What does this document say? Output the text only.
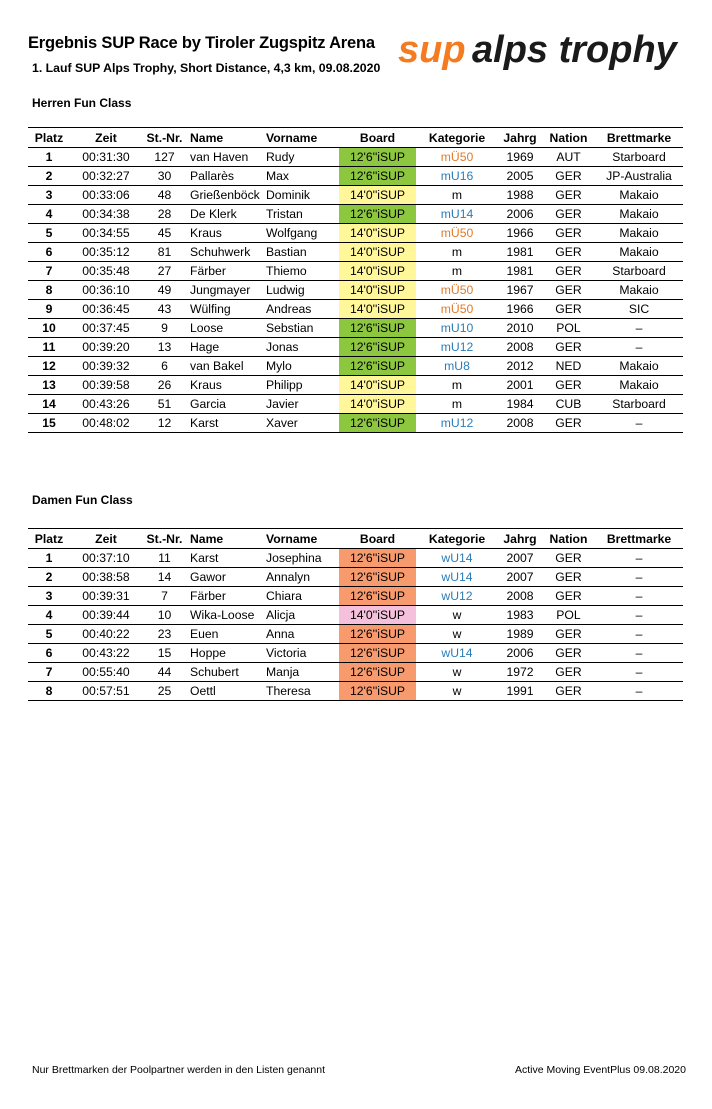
Ergebnis SUP Race by Tiroler Zugspitz Arena
1. Lauf SUP Alps Trophy, Short Distance, 4,3 km, 09.08.2020 sup alps trophy
Herren Fun Class
Platz	Zeit	St.-Nr.	Name	Vorname	Board	Kategorie	Jahrg	Nation	Brettmarke
1	00:31:30	127	van Haven	Rudy	12'6''iSUP	mÜ50	1969	AUT	Starboard
2	00:32:27	30	Pallarès	Max	12'6''iSUP	mU16	2005	GER	JP-Australia
3	00:33:06	48	Grießenböck	Dominik	14'0''iSUP	m	1988	GER	Makaio
4	00:34:38	28	De Klerk	Tristan	12'6''iSUP	mU14	2006	GER	Makaio
5	00:34:55	45	Kraus	Wolfgang	14'0''iSUP	mÜ50	1966	GER	Makaio
6	00:35:12	81	Schuhwerk	Bastian	14'0''iSUP	m	1981	GER	Makaio
7	00:35:48	27	Färber	Thiemo	14'0''iSUP	m	1981	GER	Starboard
8	00:36:10	49	Jungmayer	Ludwig	14'0''iSUP	mÜ50	1967	GER	Makaio
9	00:36:45	43	Wülfing	Andreas	14'0''iSUP	mÜ50	1966	GER	SIC
10	00:37:45	9	Loose	Sebstian	12'6''iSUP	mU10	2010	POL	–
11	00:39:20	13	Hage	Jonas	12'6''iSUP	mU12	2008	GER	–
12	00:39:32	6	van Bakel	Mylo	12'6''iSUP	mU8	2012	NED	Makaio
13	00:39:58	26	Kraus	Philipp	14'0''iSUP	m	2001	GER	Makaio
14	00:43:26	51	Garcia	Javier	14'0''iSUP	m	1984	CUB	Starboard
15	00:48:02	12	Karst	Xaver	12'6''iSUP	mU12	2008	GER	–
Damen Fun Class
Platz	Zeit	St.-Nr.	Name	Vorname	Board	Kategorie	Jahrg	Nation	Brettmarke
1	00:37:10	11	Karst	Josephina	12'6''iSUP	wU14	2007	GER	–
2	00:38:58	14	Gawor	Annalyn	12'6''iSUP	wU14	2007	GER	–
3	00:39:31	7	Färber	Chiara	12'6''iSUP	wU12	2008	GER	–
4	00:39:44	10	Wika-Loose	Alicja	14'0''iSUP	w	1983	POL	–
5	00:40:22	23	Euen	Anna	12'6''iSUP	w	1989	GER	–
6	00:43:22	15	Hoppe	Victoria	12'6''iSUP	wU14	2006	GER	–
7	00:55:40	44	Schubert	Manja	12'6''iSUP	w	1972	GER	–
8	00:57:51	25	Oettl	Theresa	12'6''iSUP	w	1991	GER	–
Nur Brettmarken der Poolpartner werden in den Listen genannt	Active Moving EventPlus 09.08.2020
